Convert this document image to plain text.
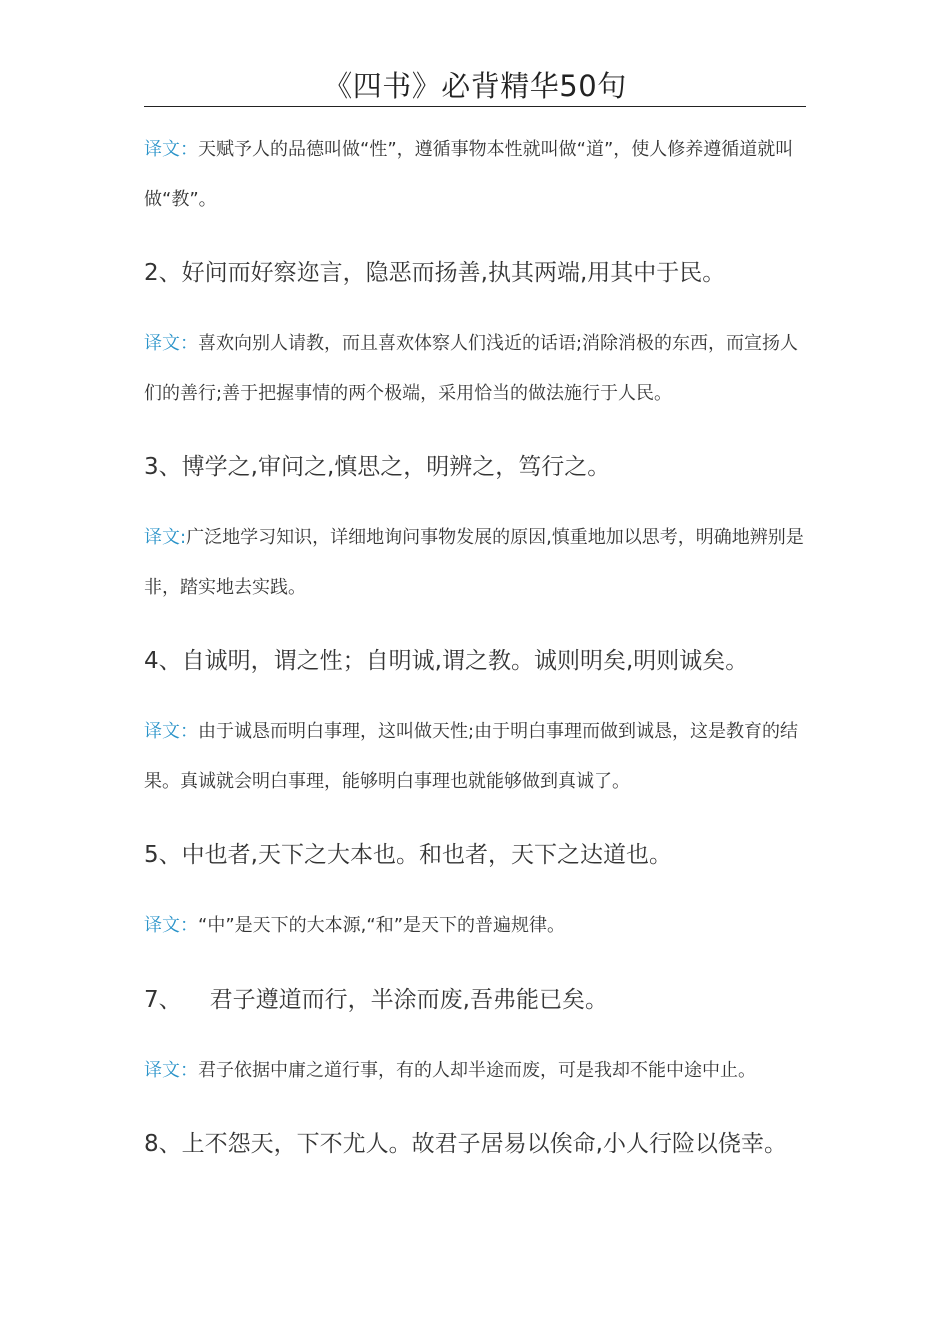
《四书》必背精华50句
译文：天赋予人的品德叫做“性”，遵循事物本性就叫做“道”，使人修养遵循道就叫做“教”。
2、好问而好察迩言，隐恶而扬善,执其两端,用其中于民。
译文：喜欢向别人请教，而且喜欢体察人们浅近的话语;消除消极的东西，而宣扬人们的善行;善于把握事情的两个极端，采用恰当的做法施行于人民。
3、博学之,审问之,慎思之，明辨之，笃行之。
译文:广泛地学习知识，详细地询问事物发展的原因,慎重地加以思考，明确地辨别是非，踏实地去实践。
4、自诚明，谓之性；自明诚,谓之教。诚则明矣,明则诚矣。
译文：由于诚恳而明白事理，这叫做天性;由于明白事理而做到诚恳，这是教育的结果。真诚就会明白事理，能够明白事理也就能够做到真诚了。
5、中也者,天下之大本也。和也者，天下之达道也。
译文：“中”是天下的大本源,“和”是天下的普遍规律。
7、 君子遵道而行，半涂而废,吾弗能已矣。
译文：君子依据中庸之道行事，有的人却半途而废，可是我却不能中途中止。
8、上不怨天，下不尤人。故君子居易以俟命,小人行险以侥幸。
